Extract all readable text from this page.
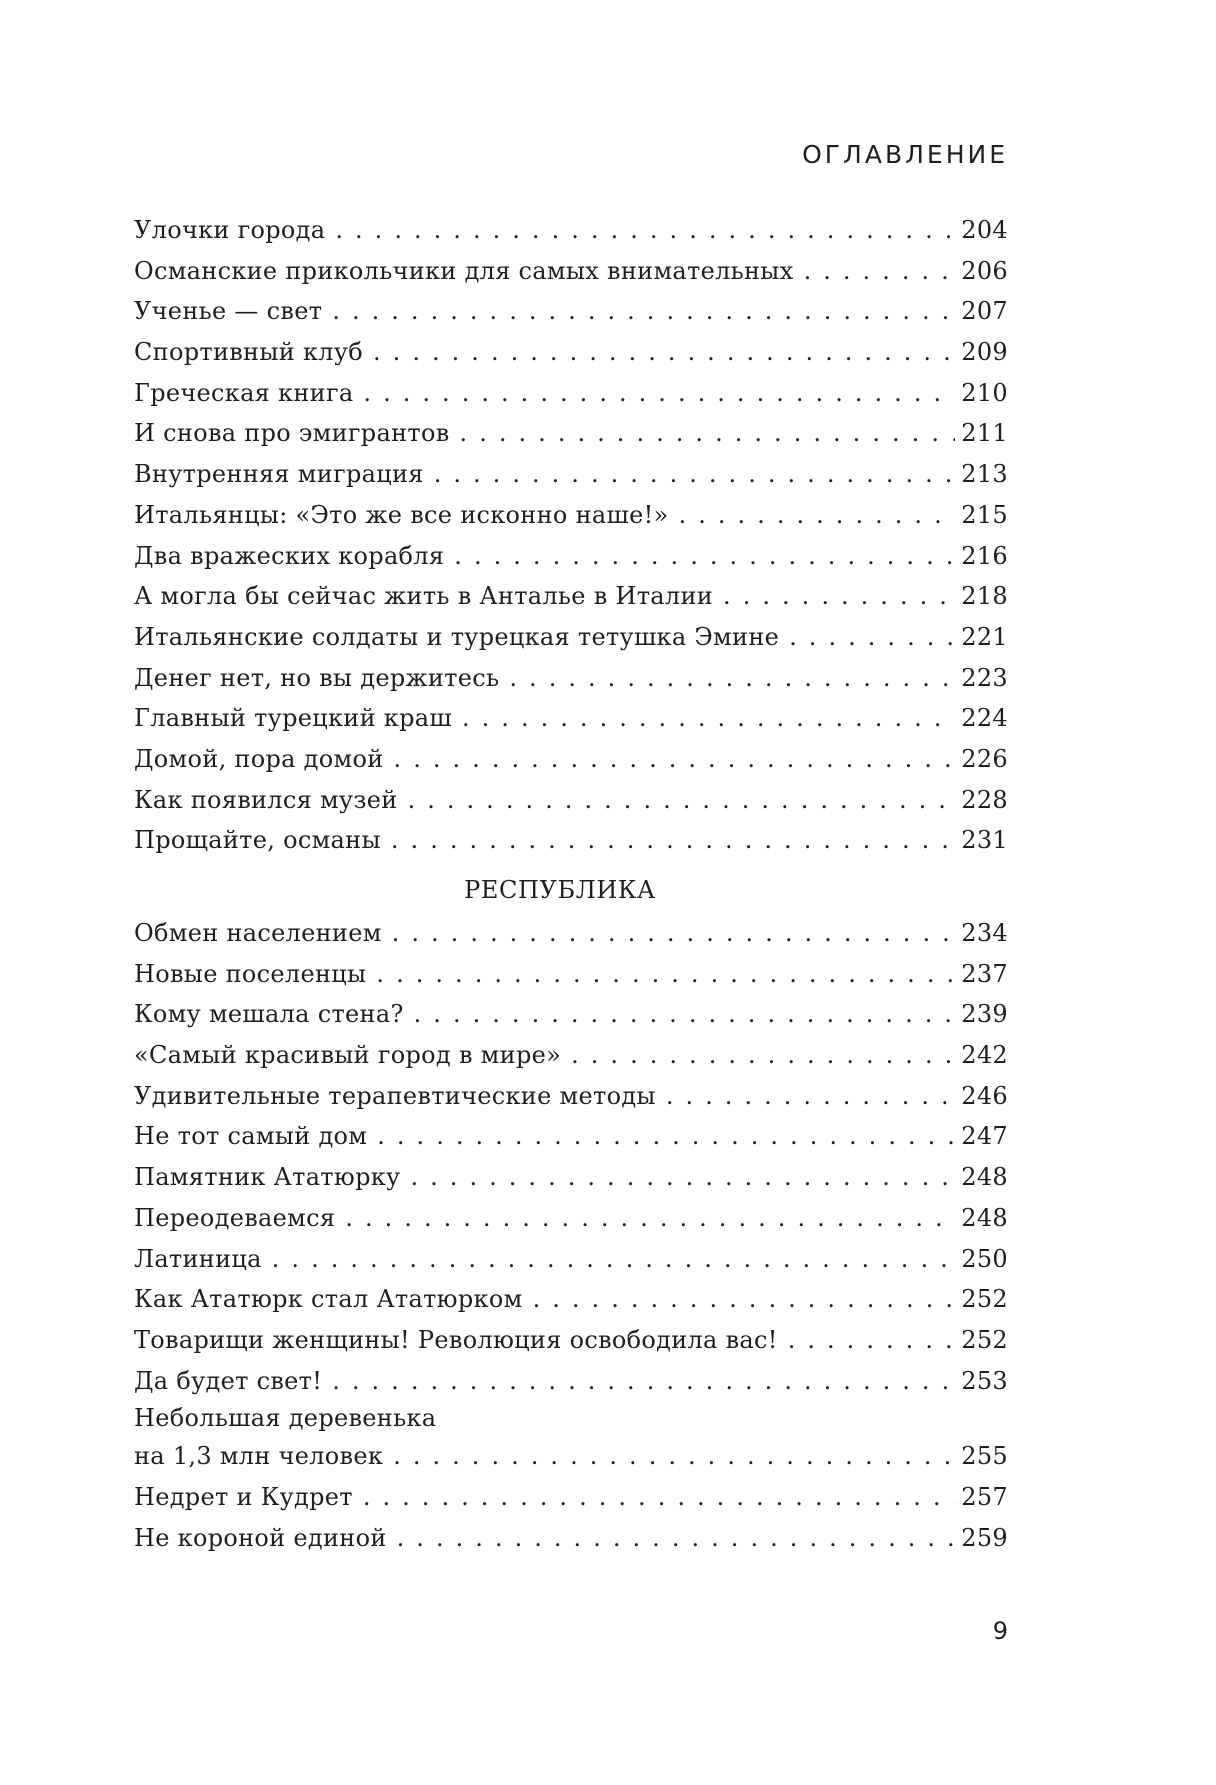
ОГЛАВЛЕНИЕ
Улочки города . . .	204
Османские прикольчики для самых внимательных . . .	206
Ученье — свет . . .	207
Спортивный клуб . . .	209
Греческая книга . . .	210
И снова про эмигрантов . . .	211
Внутренняя миграция . . .	213
Итальянцы: «Это же все исконно наше!» . . .	215
Два вражеских корабля . . .	216
А могла бы сейчас жить в Анталье в Италии . . .	218
Итальянские солдаты и турецкая тетушка Эмине . . .	221
Денег нет, но вы держитесь . . .	223
Главный турецкий краш . . .	224
Домой, пора домой . . .	226
Как появился музей . . .	228
Прощайте, османы . . .	231
РЕСПУБЛИКА
Обмен населением . . .	234
Новые поселенцы . . .	237
Кому мешала стена? . . .	239
«Самый красивый город в мире» . . .	242
Удивительные терапевтические методы . . .	246
Не тот самый дом . . .	247
Памятник Ататюрку . . .	248
Переодеваемся . . .	248
Латиница . . .	250
Как Ататюрк стал Ататюрком . . .	252
Товарищи женщины! Революция освободила вас! . . .	252
Да будет свет! . . .	253
Небольшая деревенька
на 1,3 млн человек . . .	255
Недрет и Кудрет . . .	257
Не короной единой . . .	259
9
